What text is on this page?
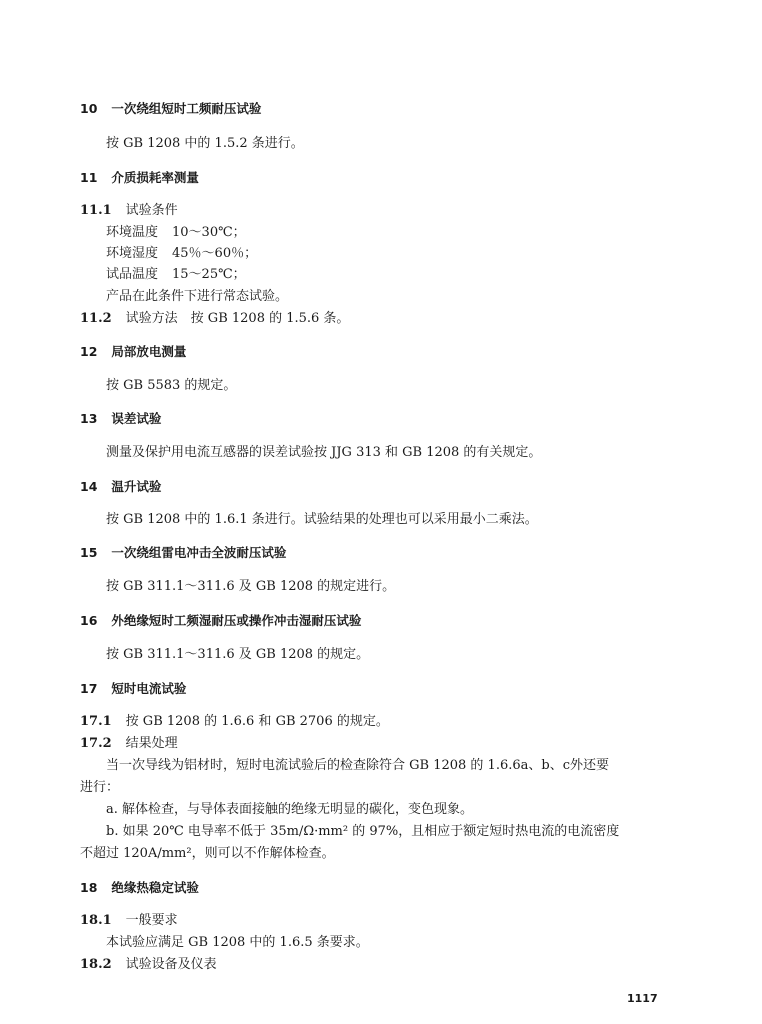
10 一次绕组短时工频耐压试验
按 GB 1208 中的 1.5.2 条进行。
11 介质损耗率测量
11.1 试验条件
环境温度 10～30℃；
环境湿度 45％～60％；
试品温度 15～25℃；
产品在此条件下进行常态试验。
11.2 试验方法　按 GB 1208 的 1.5.6 条。
12 局部放电测量
按 GB 5583 的规定。
13 误差试验
测量及保护用电流互感器的误差试验按 JJG 313 和 GB 1208 的有关规定。
14 温升试验
按 GB 1208 中的 1.6.1 条进行。试验结果的处理也可以采用最小二乘法。
15 一次绕组雷电冲击全波耐压试验
按 GB 311.1～311.6 及 GB 1208 的规定进行。
16 外绝缘短时工频湿耐压或操作冲击湿耐压试验
按 GB 311.1～311.6 及 GB 1208 的规定。
17 短时电流试验
17.1 按 GB 1208 的 1.6.6 和 GB 2706 的规定。
17.2 结果处理
当一次导线为铝材时，短时电流试验后的检查除符合 GB 1208 的 1.6.6a、b、c外还要
进行：
a. 解体检查，与导体表面接触的绝缘无明显的碳化，变色现象。
b. 如果 20℃ 电导率不低于 35m/Ω·mm² 的 97%，且相应于额定短时热电流的电流密度
不超过 120A/mm²，则可以不作解体检查。
18 绝缘热稳定试验
18.1 一般要求
本试验应满足 GB 1208 中的 1.6.5 条要求。
18.2 试验设备及仪表
1117
